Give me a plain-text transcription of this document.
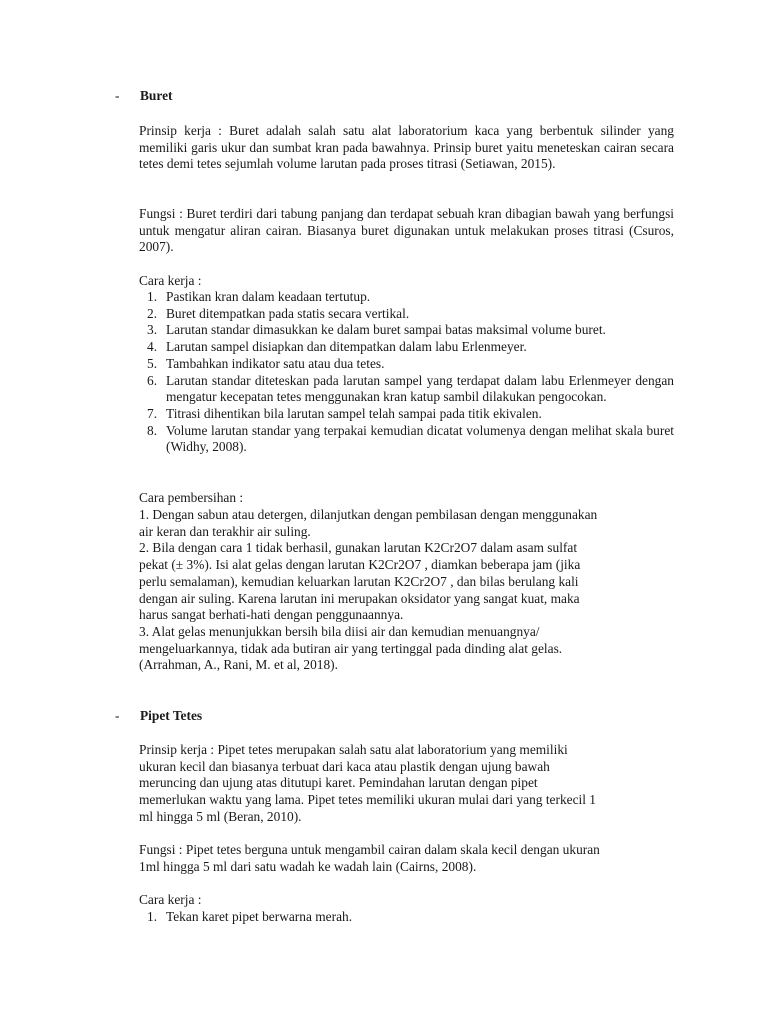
-	Buret

Prinsip kerja : Buret adalah salah satu alat laboratorium kaca yang berbentuk silinder yang memiliki garis ukur dan sumbat kran pada bawahnya. Prinsip buret yaitu meneteskan cairan secara tetes demi tetes sejumlah volume larutan pada proses titrasi (Setiawan, 2015).

Fungsi : Buret terdiri dari tabung panjang dan terdapat sebuah kran dibagian bawah yang berfungsi untuk mengatur aliran cairan. Biasanya buret digunakan untuk melakukan proses titrasi (Csuros, 2007).

Cara kerja :

1. Pastikan kran dalam keadaan tertutup.
2. Buret ditempatkan pada statis secara vertikal.
3. Larutan standar dimasukkan ke dalam buret sampai batas maksimal volume buret.
4. Larutan sampel disiapkan dan ditempatkan dalam labu Erlenmeyer.
5. Tambahkan indikator satu atau dua tetes.
6. Larutan standar diteteskan pada larutan sampel yang terdapat dalam labu Erlenmeyer dengan mengatur kecepatan tetes menggunakan kran katup sambil dilakukan pengocokan.
7. Titrasi dihentikan bila larutan sampel telah sampai pada titik ekivalen.
8. Volume larutan standar yang terpakai kemudian dicatat volumenya dengan melihat skala buret (Widhy, 2008).

Cara pembersihan :

1. Dengan sabun atau detergen, dilanjutkan dengan pembilasan dengan menggunakan

air keran dan terakhir air suling.

2. Bila dengan cara 1 tidak berhasil, gunakan larutan K2Cr2O7 dalam asam sulfat

pekat (± 3%). Isi alat gelas dengan larutan K2Cr2O7 , diamkan beberapa jam (jika

perlu semalaman), kemudian keluarkan larutan K2Cr2O7 , dan bilas berulang kali

dengan air suling. Karena larutan ini merupakan oksidator yang sangat kuat, maka

harus sangat berhati-hati dengan penggunaannya.

3. Alat gelas menunjukkan bersih bila diisi air dan kemudian menuangnya/

mengeluarkannya, tidak ada butiran air yang tertinggal pada dinding alat gelas.

(Arrahman, A., Rani, M. et al, 2018).

-	Pipet Tetes

Prinsip kerja : Pipet tetes merupakan salah satu alat laboratorium yang memiliki

ukuran kecil dan biasanya terbuat dari kaca atau plastik dengan ujung bawah

meruncing dan ujung atas ditutupi karet. Pemindahan larutan dengan pipet

memerlukan waktu yang lama. Pipet tetes memiliki ukuran mulai dari yang terkecil 1

ml hingga 5 ml (Beran, 2010).

Fungsi : Pipet tetes berguna untuk mengambil cairan dalam skala kecil dengan ukuran

1ml hingga 5 ml dari satu wadah ke wadah lain (Cairns, 2008).

Cara kerja :

1. Tekan karet pipet berwarna merah.
